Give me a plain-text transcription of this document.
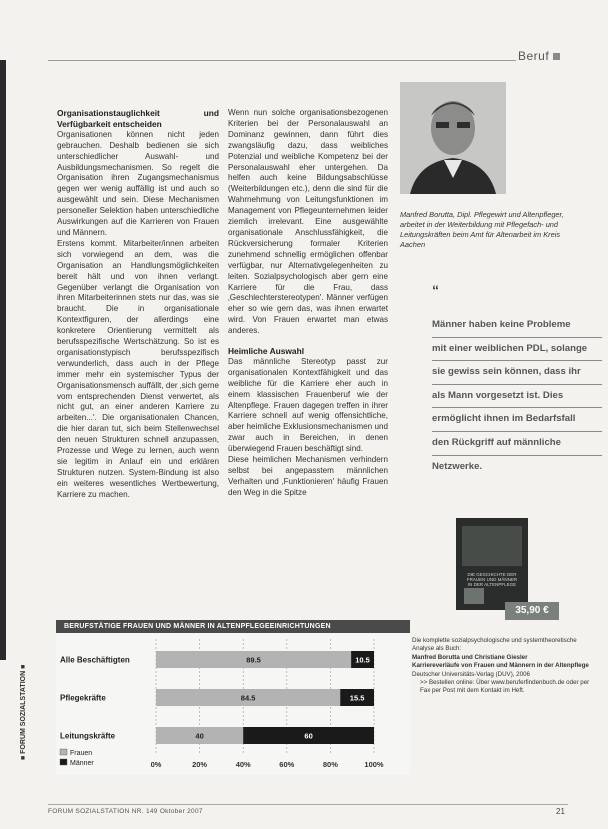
Beruf

Organisationstauglichkeit und Verfügbarkeit entscheiden

Organisationen können nicht jeden gebrauchen. Deshalb bedienen sie sich unterschiedlicher Auswahl- und Ausbildungsmechanismen. So regelt die Organisation ihren Zugangsmechanismus gegen wer wenig auffällig ist und auch so ausgewählt und sein. Diese Mechanismen personeller Selektion haben unterschiedliche Auswirkungen auf die Karrieren von Frauen und Männern.

Erstens kommt. Mitarbeiter/innen arbeiten sich vorwiegend an dem, was die Organisation an Handlungsmöglichkeiten bereit hält und von ihnen verlangt. Gegenüber verlangt die Organisation von ihren Mitarbeiterinnen stets nur das, was sie braucht. Die in organisationale Kontextfiguren, der allerdings eine konkretere Orientierung vermittelt als berufsspezifische Wertschätzung. So ist es organisationstypisch berufsspezifisch verwunderlich, dass auch in der Pflege immer mehr ein systemischer Typus der Organisationsmensch auffällt, der ‚sich gerne vom entsprechenden Dienst verwertet, als nicht gut, an einer anderen Karriere zu arbeiten...'. Die organisationalen Chancen, die hier daran tut, sich beim Stellenwechsel den neuen Strukturen schnell anzupassen, Prozesse und Wege zu lernen, auch wenn sie legitim in Anlauf ein und erklären Strukturen nutzen. System-Bindung ist also ein weiteres wesentliches Wertbewertung, Karriere zu machen.

Wenn nun solche organisationsbezogenen Kriterien bei der Personalauswahl an Dominanz gewinnen, dann führt dies zwangsläufig dazu, dass weibliches Potenzial und weibliche Kompetenz bei der Personalauswahl eher untergehen. Da helfen auch keine Bildungsabschlüsse (Weiterbildungen etc.), denn die sind für die Wahrnehmung von Leitungsfunktionen im Management von Pflegeunternehmen leider ziemlich irrelevant. Eine ausgewählte organisationale Anschlussfähigkeit, die Rückversicherung formaler Kriterien zunehmend schnellig ermöglichen offenbar verfügbar, nur Alternativgelegenheiten zu leiten. Sozialpsychologisch aber gern eine Karriere für die Frau, dass ‚Geschlechterstereotypen'. Männer verfügen eher so wie gern das, was ihnen erwartet wird. Von Frauen erwartet man etwas anderes.

Heimliche Auswahl

Das männliche Stereotyp passt zur organisationalen Kontextfähigkeit und das weibliche für die Karriere eher auch in einem klassischen Frauenberuf wie der Altenpflege. Frauen dagegen treffen in ihrer Karriere schnell auf wenig offensichtliche, aber heimliche Exklusionsmechanismen und zwar auch in Bereichen, in denen überwiegend Frauen beschäftigt sind.

Diese heimlichen Mechanismen verhindern selbst bei angepasstem männlichen Verhalten und ‚Funktionieren' häufig Frauen den Weg in die Spitze

Manfred Borutta, Dipl. Pflegewirt und Altenpfleger, arbeitet in der Weiterbildung mit Pflegefach- und Leitungskräften beim Amt für Altenarbeit im Kreis Aachen
“
Männer haben keine Probleme
mit einer weiblichen PDL, solange
sie gewiss sein können, dass ihr
als Mann vorgesetzt ist. Dies
ermöglicht ihnen im Bedarfsfall
den Rückgriff auf männliche
Netzwerke.
DIE GESCHICHTE DER FRAUEN UND MÄNNER IN DER ALTENPFLEGE
35,90 €
Die komplette sozialpsychologische und systemtheoretische Analyse als Buch:
Manfred Borutta und Christiane Giesler
Karriereverläufe von Frauen und Männern in der Altenpflege
Deutscher Universitäts-Verlag (DUV), 2006
>> Bestellen online: Über www.beruferfindenbuch.de oder per Fax per Post mit dem Kontakt im Heft.
BERUFSTÄTIGE FRAUEN UND MÄNNER IN ALTENPFLEGEEINRICHTUNGEN
0%	20%	40%	60%	80%	100%
Alle Beschäftigten	89.5	10.5
Pflegekräfte	84.5	15.5
Leitungskräfte	40	60
Frauen
Männer
■ FORUM SOZIALSTATION ■
FORUM SOZIALSTATION NR. 149 Oktober 2007	21
